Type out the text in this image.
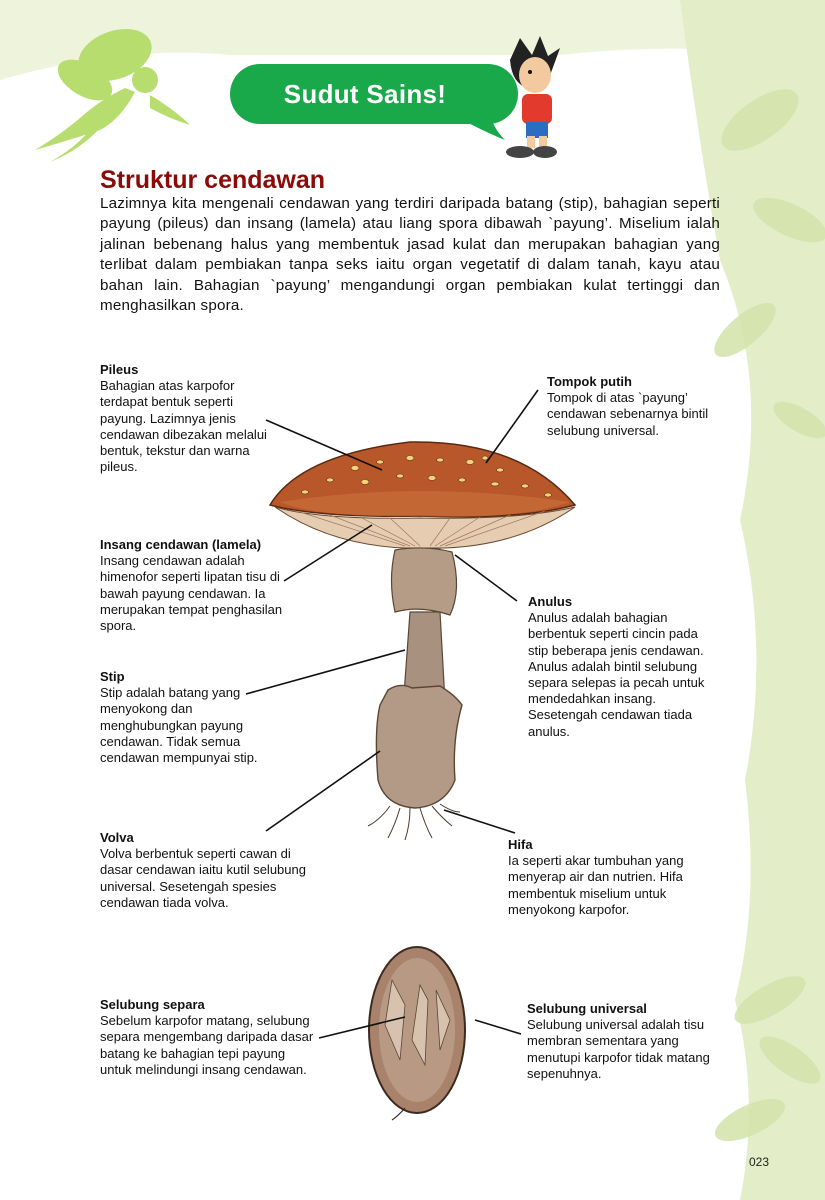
Sudut Sains!
Struktur cendawan
Lazimnya kita mengenali cendawan yang terdiri daripada batang (stip), bahagian seperti payung (pileus) dan insang (lamela) atau liang spora dibawah `payung’. Miselium ialah jalinan bebenang halus yang membentuk jasad kulat dan merupakan bahagian yang terlibat dalam pembiakan tanpa seks iaitu organ vegetatif di dalam tanah, kayu atau bahan lain. Bahagian `payung’ mengandungi organ pembiakan kulat tertinggi dan menghasilkan spora.
Pileus
Bahagian atas karpofor terdapat bentuk seperti payung. Lazimnya jenis cendawan dibezakan melalui bentuk, tekstur dan warna pileus.
Tompok putih
Tompok di atas `payung’ cendawan sebenarnya bintil selubung universal.
Insang cendawan (lamela)
Insang cendawan adalah himenofor seperti lipatan tisu di bawah payung cendawan. Ia merupakan tempat penghasilan spora.
Anulus
Anulus adalah bahagian berbentuk seperti cincin pada stip beberapa jenis cendawan. Anulus adalah bintil selubung separa selepas ia pecah untuk mendedahkan insang. Sesetengah cendawan tiada anulus.
Stip
Stip adalah batang yang menyokong dan menghubungkan payung cendawan. Tidak semua cendawan mempunyai stip.
Volva
Volva berbentuk seperti cawan di dasar cendawan iaitu kutil selubung universal. Sesetengah spesies cendawan tiada volva.
Hifa
Ia seperti akar tumbuhan yang menyerap air dan nutrien. Hifa membentuk miselium untuk menyokong karpofor.
Selubung separa
Sebelum karpofor matang, selubung separa mengembang daripada dasar batang ke bahagian tepi payung untuk melindungi insang cendawan.
Selubung universal
Selubung universal adalah tisu membran sementara yang menutupi karpofor tidak matang sepenuhnya.
023
